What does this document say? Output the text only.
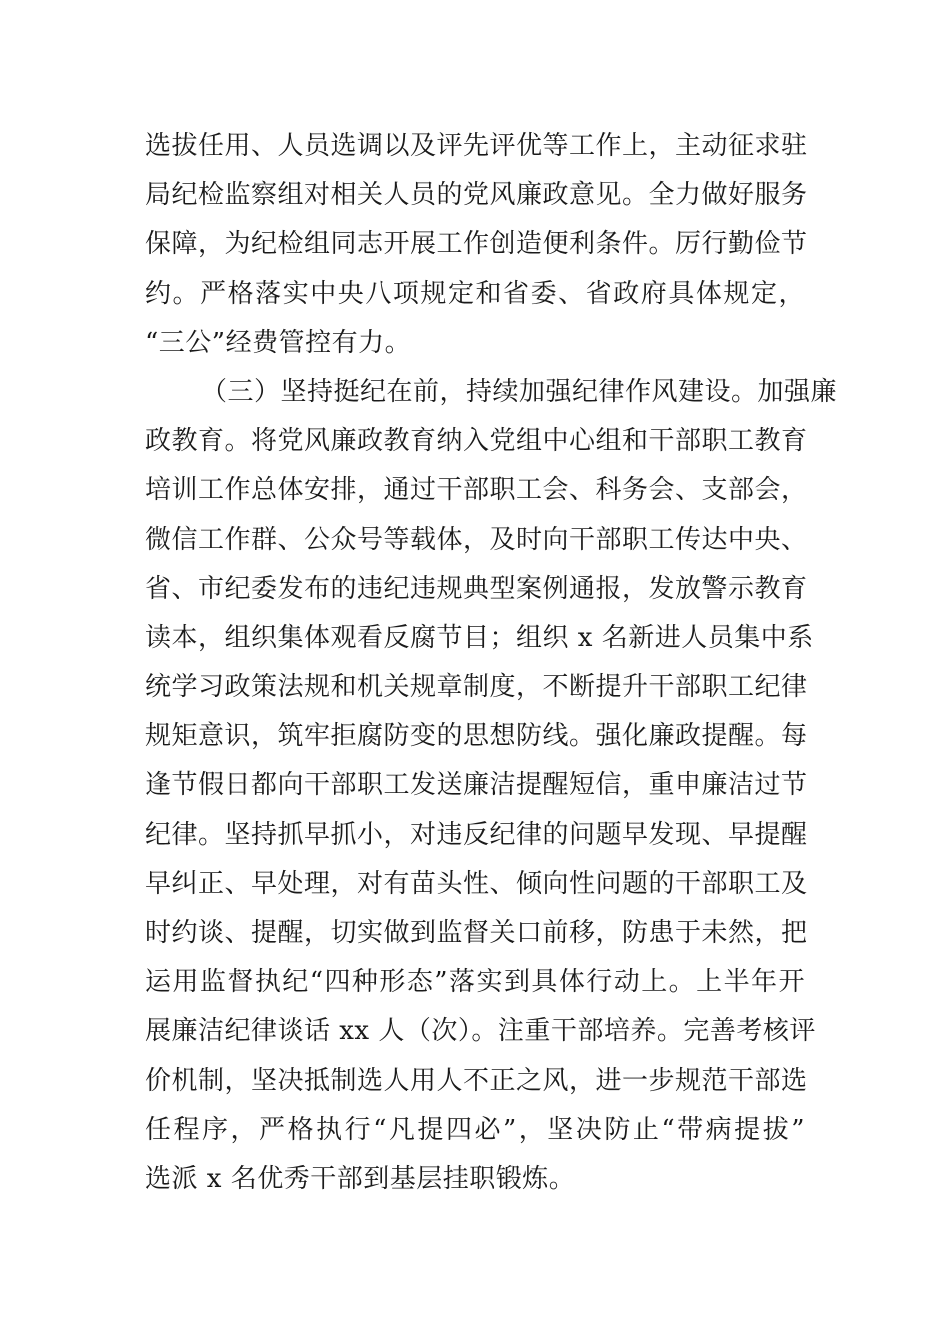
选拔任用、人员选调以及评先评优等工作上，主动征求驻
局纪检监察组对相关人员的党风廉政意见。全力做好服务
保障，为纪检组同志开展工作创造便利条件。厉行勤俭节
约。严格落实中央八项规定和省委、省政府具体规定，
“三公”经费管控有力。
（三）坚持挺纪在前，持续加强纪律作风建设。加强廉
政教育。将党风廉政教育纳入党组中心组和干部职工教育
培训工作总体安排，通过干部职工会、科务会、支部会，
微信工作群、公众号等载体，及时向干部职工传达中央、
省、市纪委发布的违纪违规典型案例通报，发放警示教育
读本，组织集体观看反腐节目；组织 x 名新进人员集中系
统学习政策法规和机关规章制度，不断提升干部职工纪律
规矩意识，筑牢拒腐防变的思想防线。强化廉政提醒。每
逢节假日都向干部职工发送廉洁提醒短信，重申廉洁过节
纪律。坚持抓早抓小，对违反纪律的问题早发现、早提醒
早纠正、早处理，对有苗头性、倾向性问题的干部职工及
时约谈、提醒，切实做到监督关口前移，防患于未然，把
运用监督执纪“四种形态”落实到具体行动上。上半年开
展廉洁纪律谈话 xx 人（次）。注重干部培养。完善考核评
价机制，坚决抵制选人用人不正之风，进一步规范干部选
任程序，严格执行“凡提四必”，坚决防止“带病提拔”
选派 x 名优秀干部到基层挂职锻炼。
